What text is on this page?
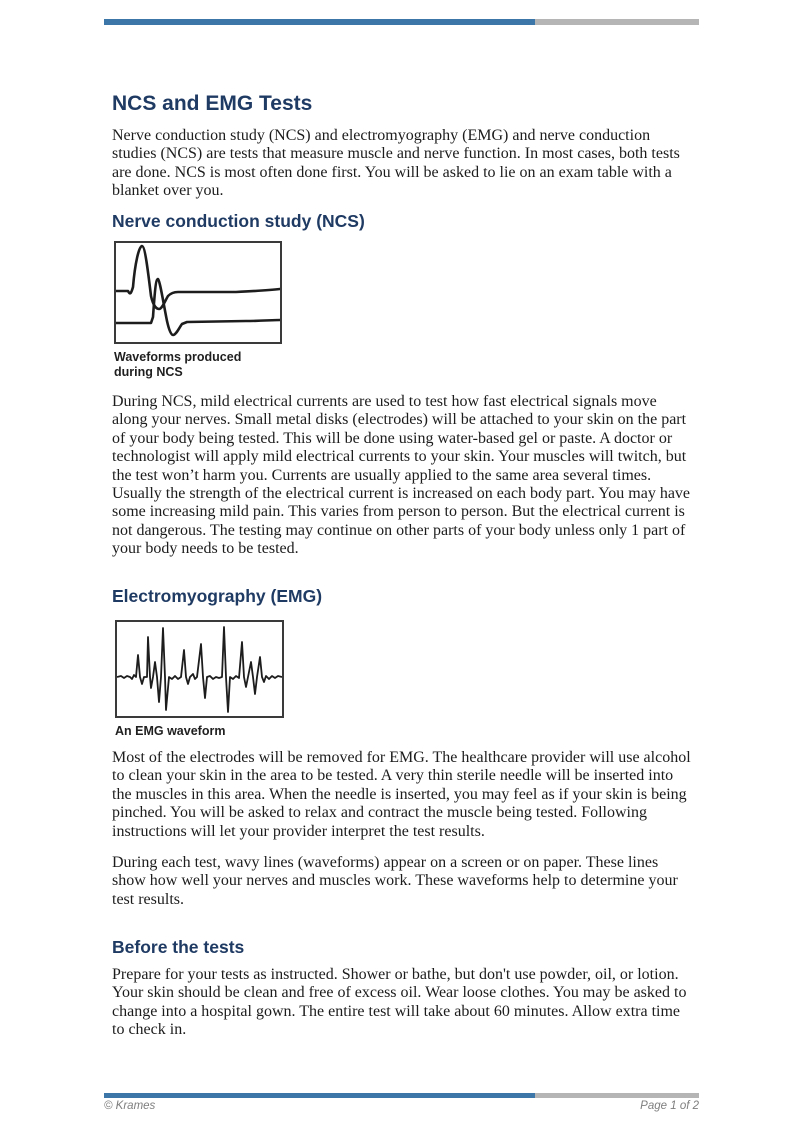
NCS and EMG Tests

Nerve conduction study (NCS) and electromyography (EMG) and nerve conduction studies (NCS) are tests that measure muscle and nerve function. In most cases, both tests are done. NCS is most often done first. You will be asked to lie on an exam table with a blanket over you.

Nerve conduction study (NCS)
Waveforms produced during NCS

During NCS, mild electrical currents are used to test how fast electrical signals move along your nerves. Small metal disks (electrodes) will be attached to your skin on the part of your body being tested. This will be done using water-based gel or paste. A doctor or technologist will apply mild electrical currents to your skin. Your muscles will twitch, but the test won’t harm you. Currents are usually applied to the same area several times. Usually the strength of the electrical current is increased on each body part. You may have some increasing mild pain. This varies from person to person. But the electrical current is not dangerous. The testing may continue on other parts of your body unless only 1 part of your body needs to be tested.

Electromyography (EMG)
An EMG waveform

Most of the electrodes will be removed for EMG. The healthcare provider will use alcohol to clean your skin in the area to be tested. A very thin sterile needle will be inserted into the muscles in this area. When the needle is inserted, you may feel as if your skin is being pinched. You will be asked to relax and contract the muscle being tested. Following instructions will let your provider interpret the test results.

During each test, wavy lines (waveforms) appear on a screen or on paper. These lines show how well your nerves and muscles work. These waveforms help to determine your test results.

Before the tests

Prepare for your tests as instructed. Shower or bathe, but don't use powder, oil, or lotion. Your skin should be clean and free of excess oil. Wear loose clothes. You may be asked to change into a hospital gown. The entire test will take about 60 minutes. Allow extra time to check in.

© Krames	Page 1 of 2
